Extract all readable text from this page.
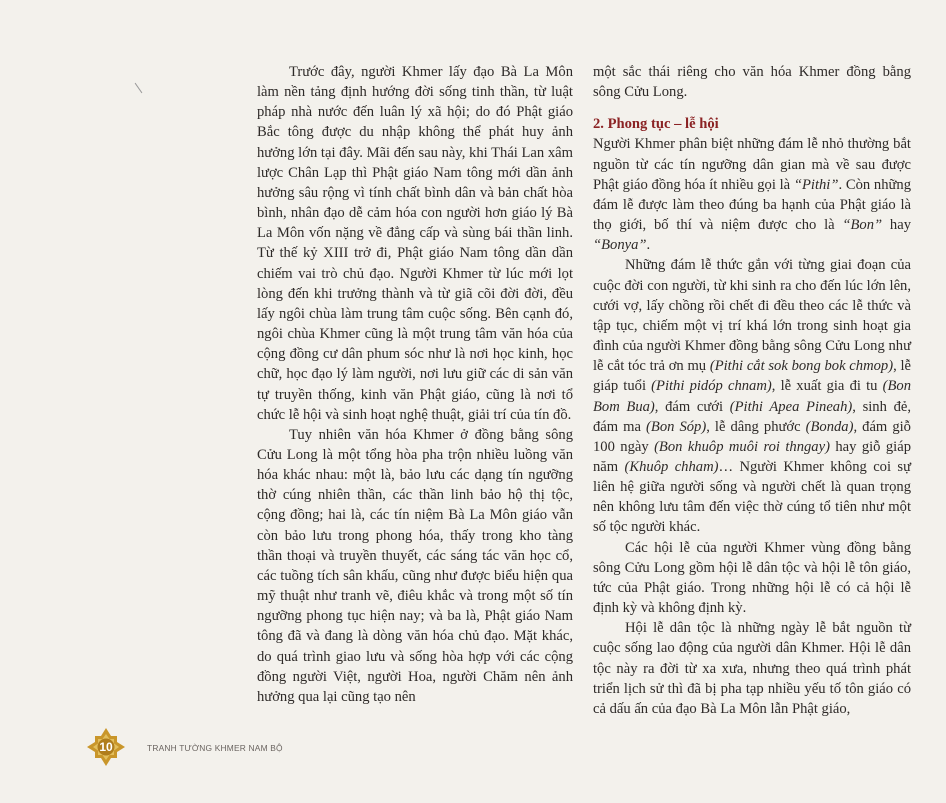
Trước đây, người Khmer lấy đạo Bà La Môn làm nền tảng định hướng đời sống tinh thần, từ luật pháp nhà nước đến luân lý xã hội; do đó Phật giáo Bắc tông được du nhập không thể phát huy ảnh hưởng lớn tại đây. Mãi đến sau này, khi Thái Lan xâm lược Chân Lạp thì Phật giáo Nam tông mới dần ảnh hưởng sâu rộng vì tính chất bình dân và bản chất hòa bình, nhân đạo dễ cảm hóa con người hơn giáo lý Bà La Môn vốn nặng về đẳng cấp và sùng bái thần linh. Từ thế kỷ XIII trở đi, Phật giáo Nam tông dần dần chiếm vai trò chủ đạo. Người Khmer từ lúc mới lọt lòng đến khi trưởng thành và từ giã cõi đời đời, đều lấy ngôi chùa làm trung tâm cuộc sống. Bên cạnh đó, ngôi chùa Khmer cũng là một trung tâm văn hóa của cộng đồng cư dân phum sóc như là nơi học kinh, học chữ, học đạo lý làm người, nơi lưu giữ các di sản văn tự truyền thống, kinh văn Phật giáo, cũng là nơi tổ chức lễ hội và sinh hoạt nghệ thuật, giải trí của tín đồ.

Tuy nhiên văn hóa Khmer ở đồng bằng sông Cửu Long là một tổng hòa pha trộn nhiều luồng văn hóa khác nhau: một là, bảo lưu các dạng tín ngưỡng thờ cúng nhiên thần, các thần linh bảo hộ thị tộc, cộng đồng; hai là, các tín niệm Bà La Môn giáo vẫn còn bảo lưu trong phong hóa, thấy trong kho tàng thần thoại và truyền thuyết, các sáng tác văn học cổ, các tuồng tích sân khấu, cũng như được biểu hiện qua mỹ thuật như tranh vẽ, điêu khắc và trong một số tín ngưỡng phong tục hiện nay; và ba là, Phật giáo Nam tông đã và đang là dòng văn hóa chủ đạo. Mặt khác, do quá trình giao lưu và sống hòa hợp với các cộng đồng người Việt, người Hoa, người Chăm nên ảnh hưởng qua lại cũng tạo nên

một sắc thái riêng cho văn hóa Khmer đồng bằng sông Cửu Long.

2. Phong tục – lễ hội

Người Khmer phân biệt những đám lễ nhỏ thường bắt nguồn từ các tín ngưỡng dân gian mà về sau được Phật giáo đồng hóa ít nhiều gọi là “Pithi”. Còn những đám lễ được làm theo đúng ba hạnh của Phật giáo là thọ giới, bố thí và niệm được cho là “Bon” hay “Bonya”.

Những đám lễ thức gắn với từng giai đoạn của cuộc đời con người, từ khi sinh ra cho đến lúc lớn lên, cưới vợ, lấy chồng rồi chết đi đều theo các lễ thức và tập tục, chiếm một vị trí khá lớn trong sinh hoạt gia đình của người Khmer đồng bằng sông Cửu Long như lễ cắt tóc trả ơn mụ (Pithi cắt sok bong bok chmop), lễ giáp tuổi (Pithi pidóp chnam), lễ xuất gia đi tu (Bon Bom Bua), đám cưới (Pithi Apea Pineah), sinh đẻ, đám ma (Bon Sóp), lễ dâng phước (Bonda), đám giỗ 100 ngày (Bon khuôp muôi roi thngay) hay giỗ giáp năm (Khuôp chham)… Người Khmer không coi sự liên hệ giữa người sống và người chết là quan trọng nên không lưu tâm đến việc thờ cúng tổ tiên như một số tộc người khác.

Các hội lễ của người Khmer vùng đồng bằng sông Cửu Long gồm hội lễ dân tộc và hội lễ tôn giáo, tức của Phật giáo. Trong những hội lễ có cả hội lễ định kỳ và không định kỳ.

Hội lễ dân tộc là những ngày lễ bắt nguồn từ cuộc sống lao động của người dân Khmer. Hội lễ dân tộc này ra đời từ xa xưa, nhưng theo quá trình phát triển lịch sử thì đã bị pha tạp nhiều yếu tố tôn giáo có cả dấu ấn của đạo Bà La Môn lẫn Phật giáo,

10	TRANH TƯỜNG KHMER NAM BỘ
